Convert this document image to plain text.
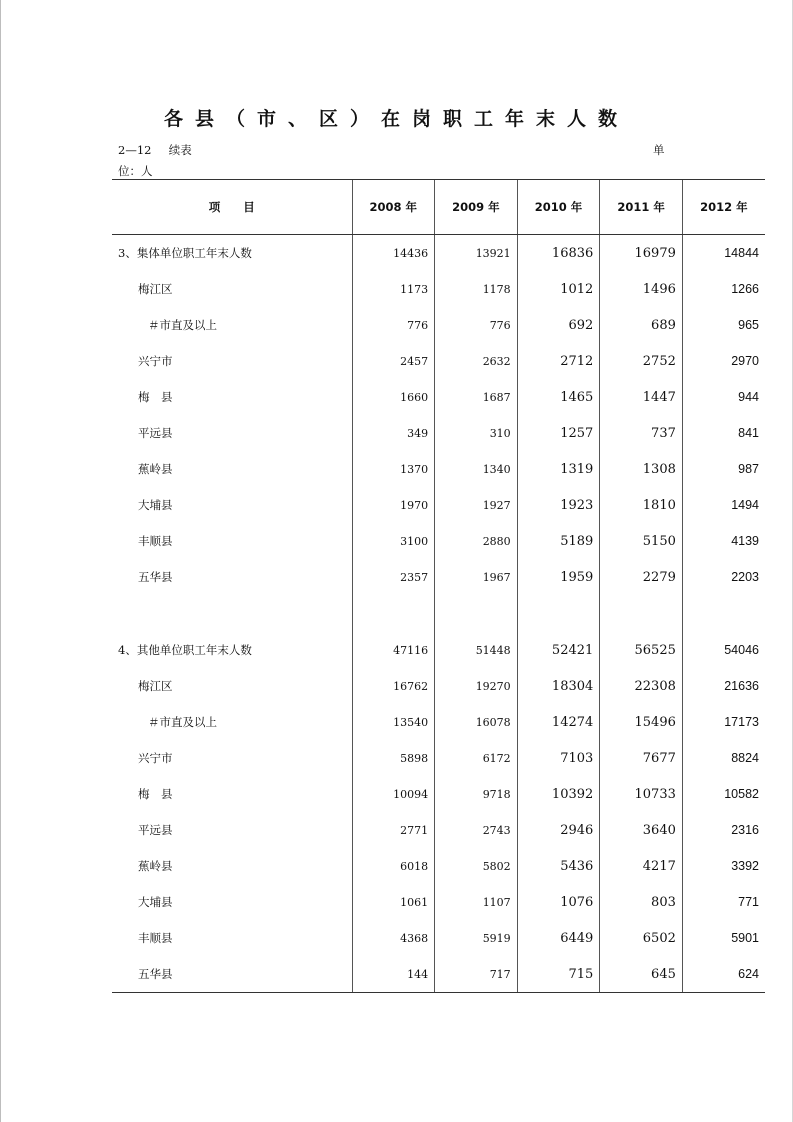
各县（市、区）在岗职工年末人数
2—12 续表	单
位：人
项　　目	2008 年	2009 年	2010 年	2011 年	2012 年
3、集体单位职工年末人数	14436	13921	16836	16979	14844
梅江区	1173	1178	1012	1496	1266
＃市直及以上	776	776	692	689	965
兴宁市	2457	2632	2712	2752	2970
梅　县	1660	1687	1465	1447	944
平远县	349	310	1257	737	841
蕉岭县	1370	1340	1319	1308	987
大埔县	1970	1927	1923	1810	1494
丰顺县	3100	2880	5189	5150	4139
五华县	2357	1967	1959	2279	2203

4、其他单位职工年末人数	47116	51448	52421	56525	54046
梅江区	16762	19270	18304	22308	21636
＃市直及以上	13540	16078	14274	15496	17173
兴宁市	5898	6172	7103	7677	8824
梅　县	10094	9718	10392	10733	10582
平远县	2771	2743	2946	3640	2316
蕉岭县	6018	5802	5436	4217	3392
大埔县	1061	1107	1076	803	771
丰顺县	4368	5919	6449	6502	5901
五华县	144	717	715	645	624
